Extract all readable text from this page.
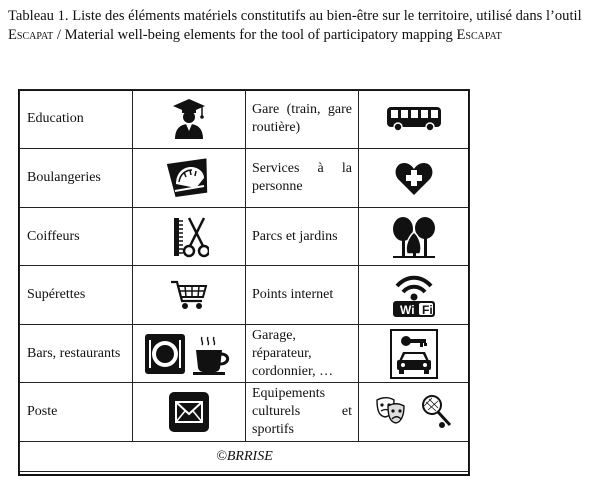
Tableau 1. Liste des éléments matériels constitutifs au bien-être sur le territoire, utilisé dans l’outil Escapat / Material well-being elements for the tool of participatory mapping Escapat
Education		Gare (train, gare routière)	
Boulangeries		Services à la personne	
Coiffeurs		Parcs et jardins	
Supérettes		Points internet	Wi Fi

Bars, restaurants		Garage, réparateur, cordonnier, …	
Poste		Equipements culturels et sportifs	
©BRRISE			
